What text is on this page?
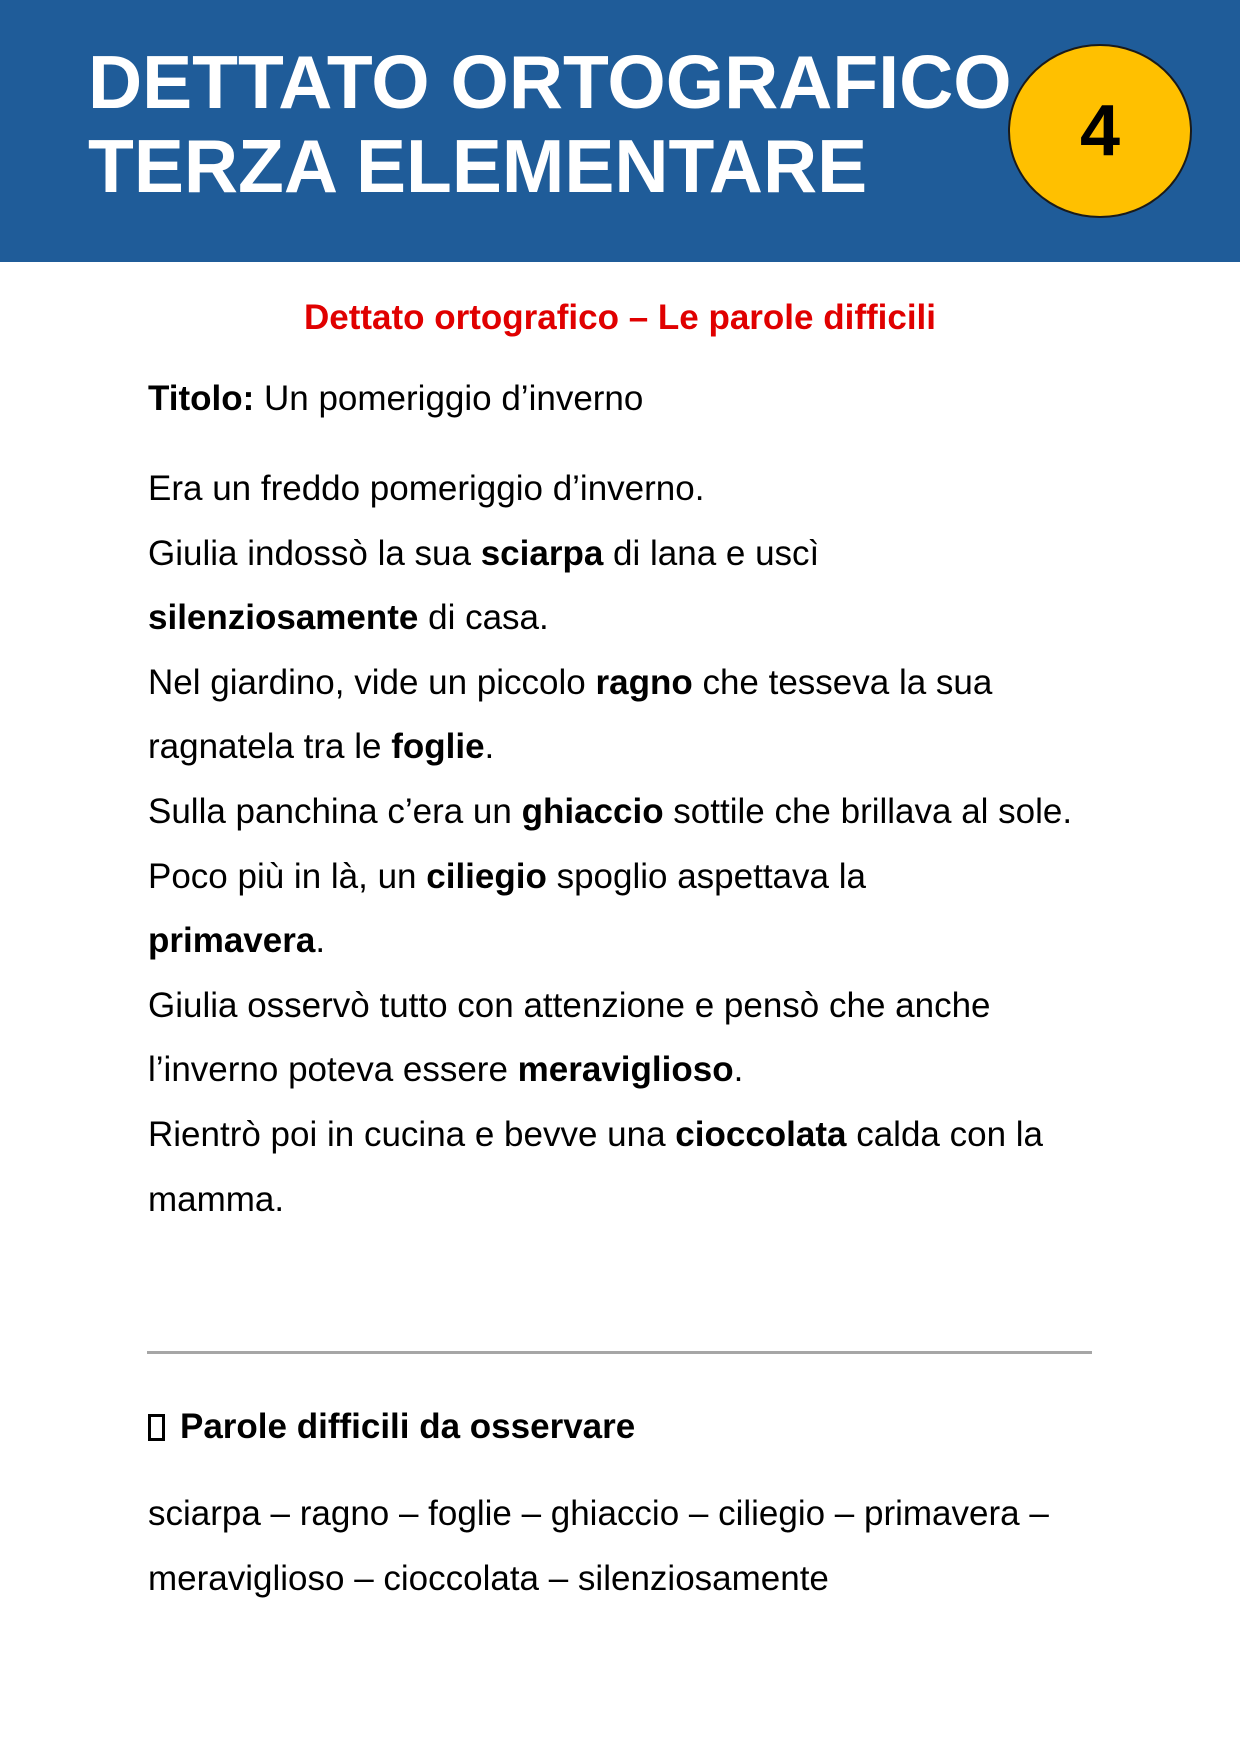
DETTATO ORTOGRAFICO
TERZA ELEMENTARE	4

Dettato ortografico – Le parole difficili

Titolo: Un pomeriggio d’inverno

Era un freddo pomeriggio d’inverno.
Giulia indossò la sua sciarpa di lana e uscì
silenziosamente di casa.
Nel giardino, vide un piccolo ragno che tesseva la sua ragnatela tra le foglie.
Sulla panchina c’era un ghiaccio sottile che brillava al sole.
Poco più in là, un ciliegio spoglio aspettava la
primavera.
Giulia osservò tutto con attenzione e pensò che anche l’inverno poteva essere meraviglioso.
Rientrò poi in cucina e bevve una cioccolata calda con la mamma.

Parole difficili da osservare

sciarpa – ragno – foglie – ghiaccio – ciliegio – primavera – meraviglioso – cioccolata – silenziosamente
